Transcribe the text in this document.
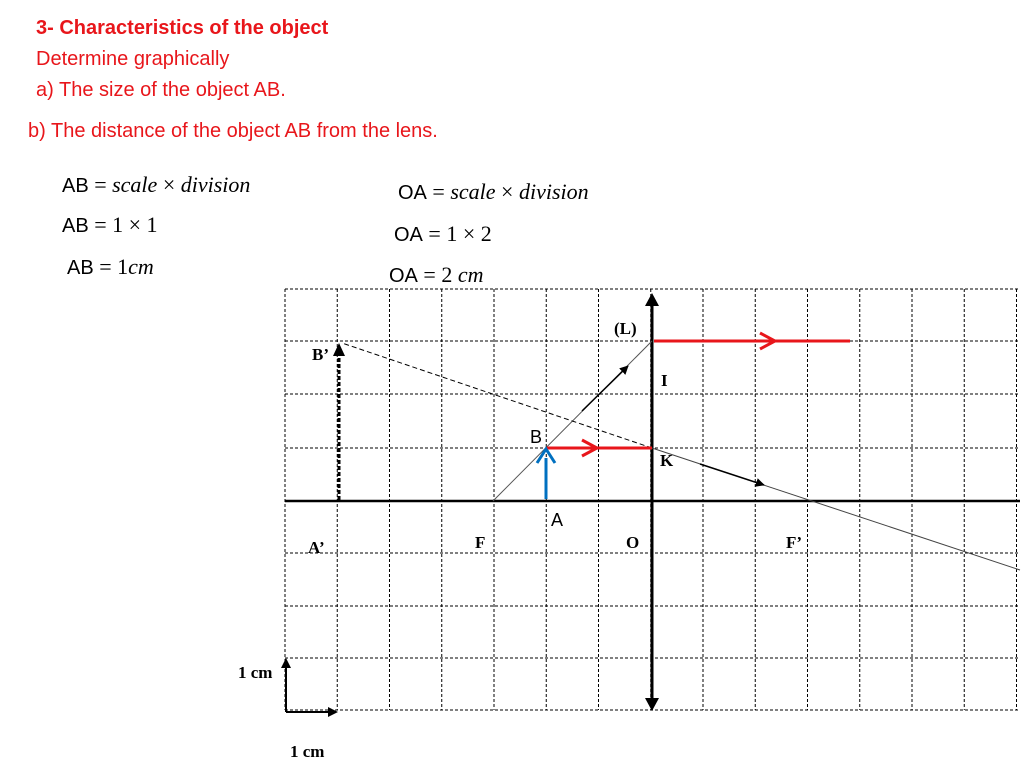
3- Characteristics of the object
Determine graphically
a) The size of the object AB.
b) The distance of the object AB from the lens.
AB = scale × division
AB = 1 × 1
AB = 1cm
OA = scale × division
OA = 1 × 2
OA = 2 cm
(L)
I
K
B’
A’	F	O	F’
B
A
1 cm
1 cm
